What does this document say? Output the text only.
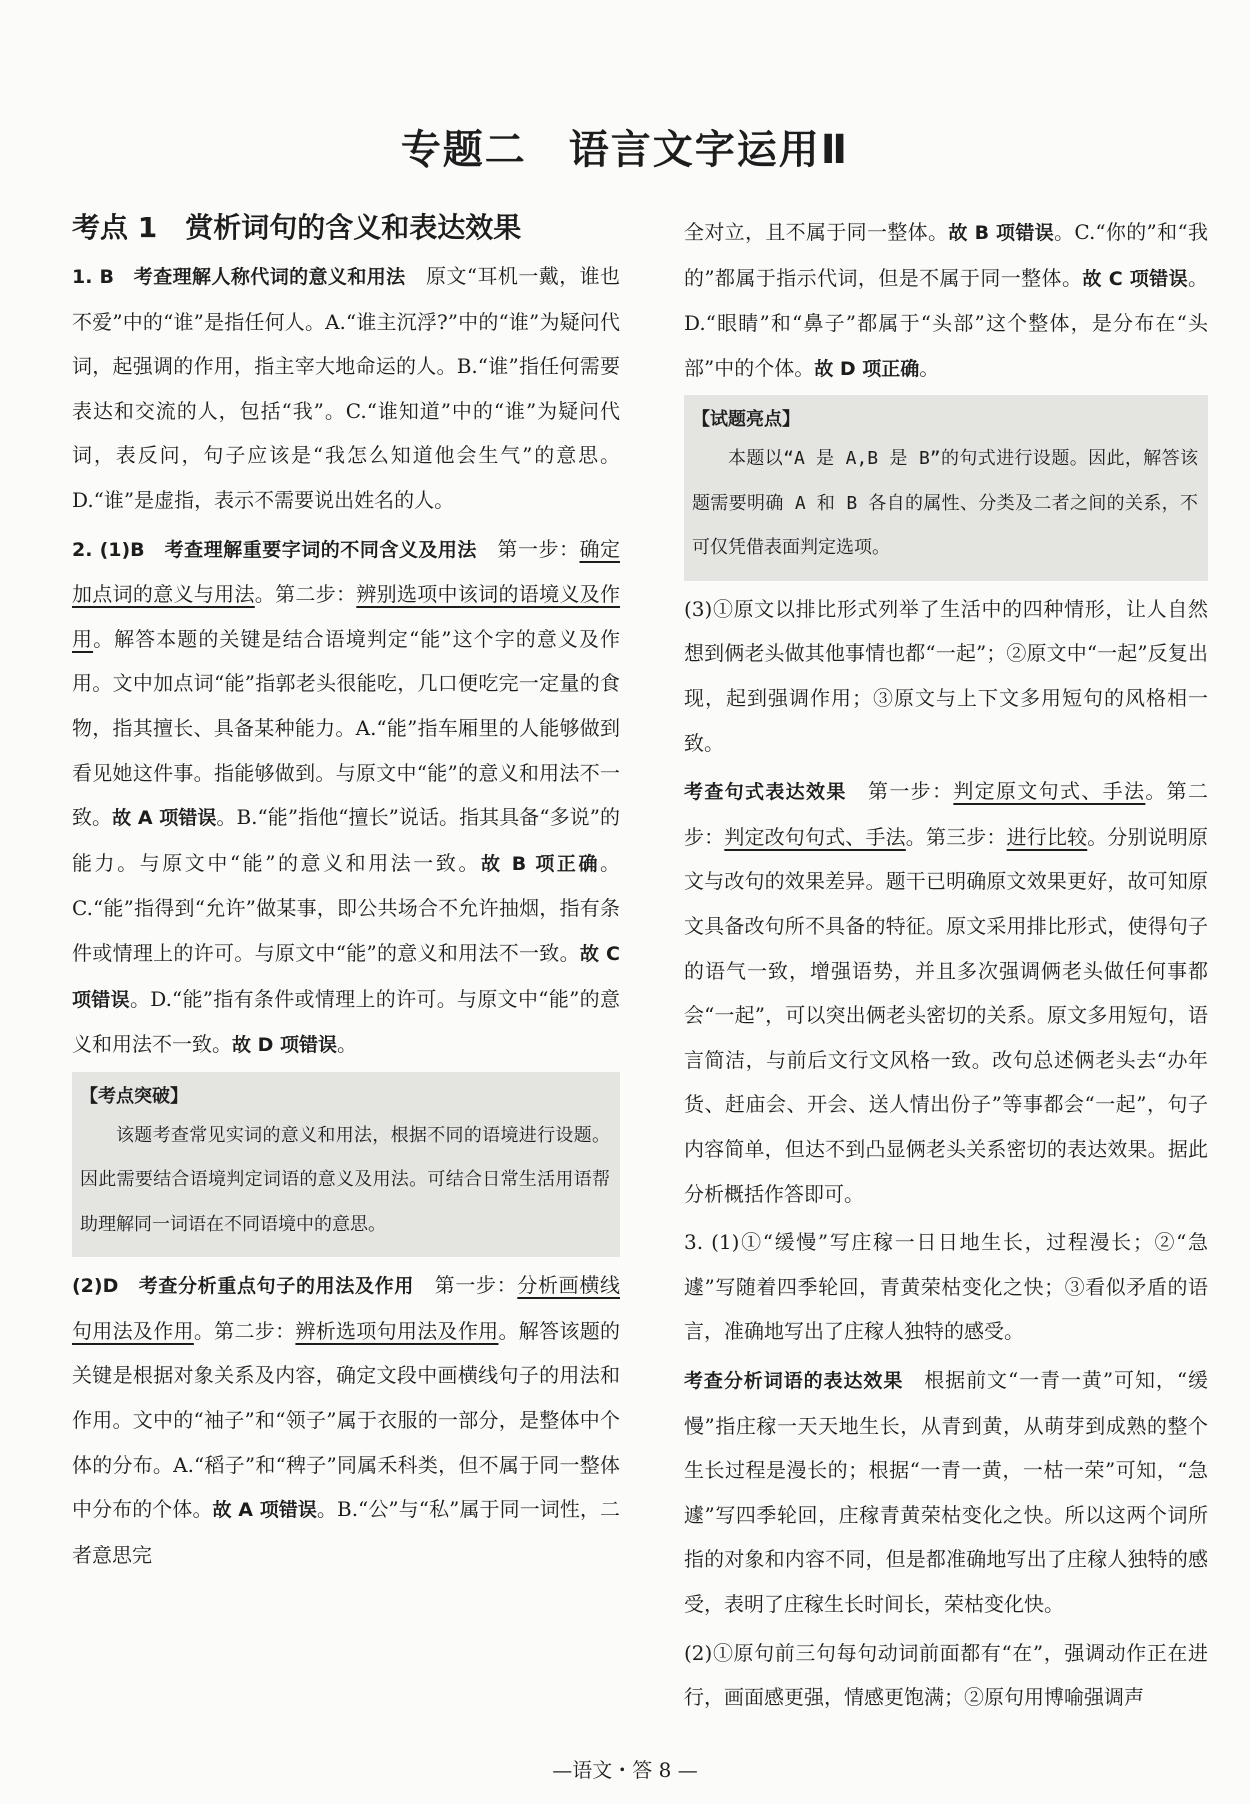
专题二　语言文字运用Ⅱ
考点 1　赏析词句的含义和表达效果

1. B　考查理解人称代词的意义和用法　原文“耳机一戴，谁也不爱”中的“谁”是指任何人。A.“谁主沉浮?”中的“谁”为疑问代词，起强调的作用，指主宰大地命运的人。B.“谁”指任何需要表达和交流的人，包括“我”。C.“谁知道”中的“谁”为疑问代词，表反问，句子应该是“我怎么知道他会生气”的意思。D.“谁”是虚指，表示不需要说出姓名的人。

2. (1)B　考查理解重要字词的不同含义及用法　第一步：确定加点词的意义与用法。第二步：辨别选项中该词的语境义及作用。解答本题的关键是结合语境判定“能”这个字的意义及作用。文中加点词“能”指郭老头很能吃，几口便吃完一定量的食物，指其擅长、具备某种能力。A.“能”指车厢里的人能够做到看见她这件事。指能够做到。与原文中“能”的意义和用法不一致。故 A 项错误。B.“能”指他“擅长”说话。指其具备“多说”的能力。与原文中“能”的意义和用法一致。故 B 项正确。C.“能”指得到“允许”做某事，即公共场合不允许抽烟，指有条件或情理上的许可。与原文中“能”的意义和用法不一致。故 C 项错误。D.“能”指有条件或情理上的许可。与原文中“能”的意义和用法不一致。故 D 项错误。

【考点突破】

该题考查常见实词的意义和用法，根据不同的语境进行设题。因此需要结合语境判定词语的意义及用法。可结合日常生活用语帮助理解同一词语在不同语境中的意思。

(2)D　考查分析重点句子的用法及作用　第一步：分析画横线句用法及作用。第二步：辨析选项句用法及作用。解答该题的关键是根据对象关系及内容，确定文段中画横线句子的用法和作用。文中的“袖子”和“领子”属于衣服的一部分，是整体中个体的分布。A.“稻子”和“稗子”同属禾科类，但不属于同一整体中分布的个体。故 A 项错误。B.“公”与“私”属于同一词性，二者意思完

全对立，且不属于同一整体。故 B 项错误。C.“你的”和“我的”都属于指示代词，但是不属于同一整体。故 C 项错误。D.“眼睛”和“鼻子”都属于“头部”这个整体，是分布在“头部”中的个体。故 D 项正确。

【试题亮点】

本题以“A 是 A,B 是 B”的句式进行设题。因此，解答该题需要明确 A 和 B 各自的属性、分类及二者之间的关系，不可仅凭借表面判定选项。

(3)①原文以排比形式列举了生活中的四种情形，让人自然想到俩老头做其他事情也都“一起”；②原文中“一起”反复出现，起到强调作用；③原文与上下文多用短句的风格相一致。

考查句式表达效果　第一步：判定原文句式、手法。第二步：判定改句句式、手法。第三步：进行比较。分别说明原文与改句的效果差异。题干已明确原文效果更好，故可知原文具备改句所不具备的特征。原文采用排比形式，使得句子的语气一致，增强语势，并且多次强调俩老头做任何事都会“一起”，可以突出俩老头密切的关系。原文多用短句，语言简洁，与前后文行文风格一致。改句总述俩老头去“办年货、赶庙会、开会、送人情出份子”等事都会“一起”，句子内容简单，但达不到凸显俩老头关系密切的表达效果。据此分析概括作答即可。

3. (1)①“缓慢”写庄稼一日日地生长，过程漫长；②“急遽”写随着四季轮回，青黄荣枯变化之快；③看似矛盾的语言，准确地写出了庄稼人独特的感受。

考查分析词语的表达效果　根据前文“一青一黄”可知，“缓慢”指庄稼一天天地生长，从青到黄，从萌芽到成熟的整个生长过程是漫长的；根据“一青一黄，一枯一荣”可知，“急遽”写四季轮回，庄稼青黄荣枯变化之快。所以这两个词所指的对象和内容不同，但是都准确地写出了庄稼人独特的感受，表明了庄稼生长时间长，荣枯变化快。

(2)①原句前三句每句动词前面都有“在”，强调动作正在进行，画面感更强，情感更饱满；②原句用博喻强调声

—语文・答 8 —
